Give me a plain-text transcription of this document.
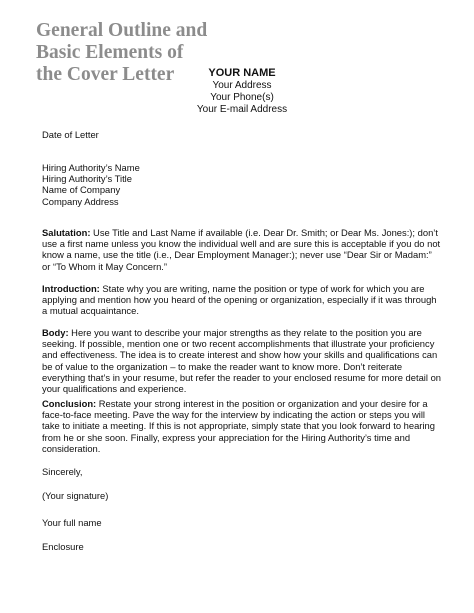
General Outline and
Basic Elements of
the Cover Letter	YOUR NAME
Your Address
Your Phone(s)
Your E-mail Address
Date of Letter
Hiring Authority’s Name
Hiring Authority’s Title
Name of Company
Company Address

Salutation: Use Title and Last Name if available (i.e. Dear Dr. Smith; or Dear Ms. Jones:); don’t use a first name unless you know the individual well and are sure this is acceptable if you do not know a name, use the title (i.e., Dear Employment Manager:); never use “Dear Sir or Madam:” or “To Whom it May Concern.”

Introduction: State why you are writing, name the position or type of work for which you are applying and mention how you heard of the opening or organization, especially if it was through a mutual acquaintance.

Body: Here you want to describe your major strengths as they relate to the position you are seeking. If possible, mention one or two recent accomplishments that illustrate your proficiency and effectiveness. The idea is to create interest and show how your skills and qualifications can be of value to the organization – to make the reader want to know more. Don’t reiterate everything that’s in your resume, but refer the reader to your enclosed resume for more detail on your qualifications and experience.

Conclusion: Restate your strong interest in the position or organization and your desire for a face-to-face meeting. Pave the way for the interview by indicating the action or steps you will take to initiate a meeting. If this is not appropriate, simply state that you look forward to hearing from he or she soon. Finally, express your appreciation for the Hiring Authority’s time and consideration.

Sincerely,
(Your signature)
Your full name
Enclosure
